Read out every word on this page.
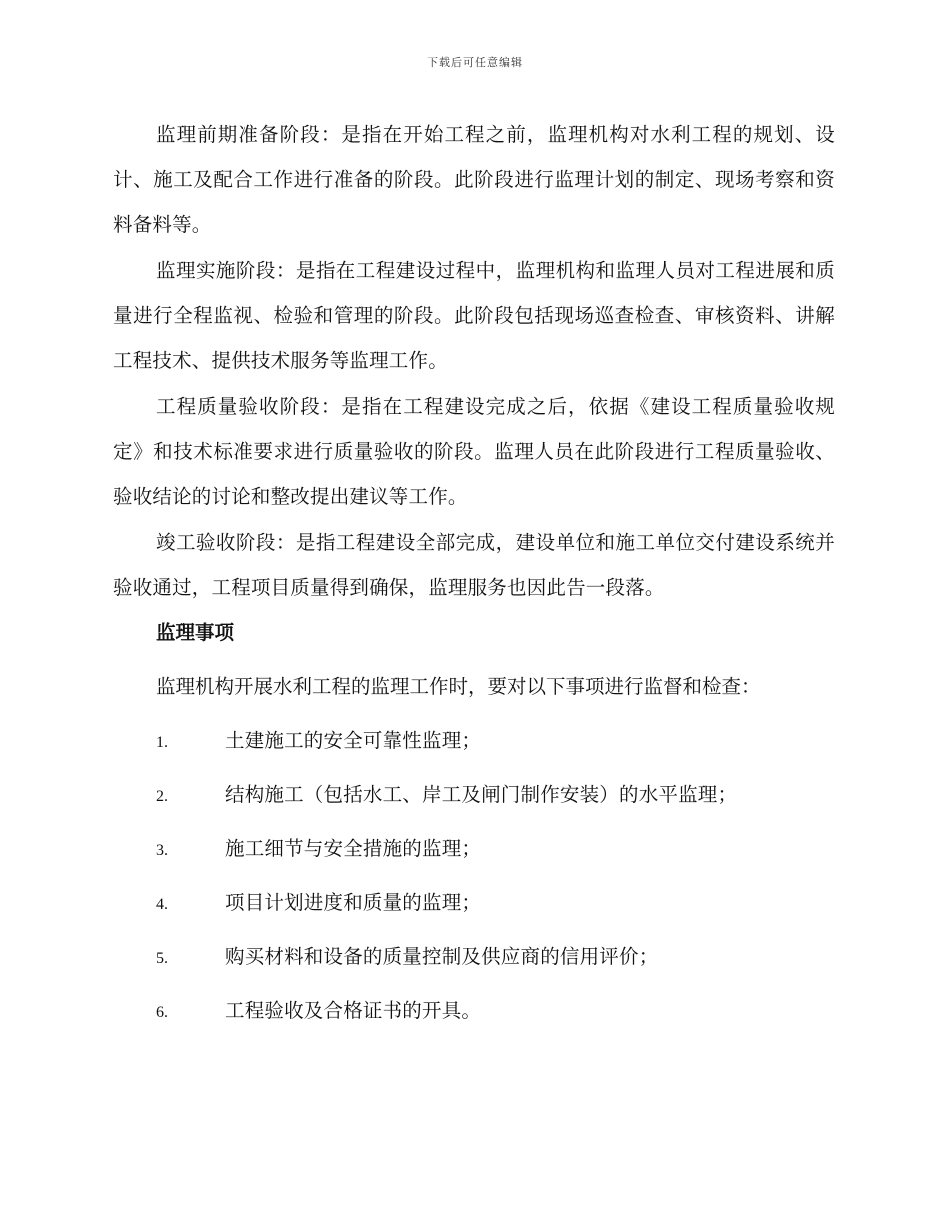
下载后可任意编辑

监理前期准备阶段：是指在开始工程之前，监理机构对水利工程的规划、设计、施工及配合工作进行准备的阶段。此阶段进行监理计划的制定、现场考察和资料备料等。

监理实施阶段：是指在工程建设过程中，监理机构和监理人员对工程进展和质量进行全程监视、检验和管理的阶段。此阶段包括现场巡查检查、审核资料、讲解工程技术、提供技术服务等监理工作。

工程质量验收阶段：是指在工程建设完成之后，依据《建设工程质量验收规定》和技术标准要求进行质量验收的阶段。监理人员在此阶段进行工程质量验收、验收结论的讨论和整改提出建议等工作。

竣工验收阶段：是指工程建设全部完成，建设单位和施工单位交付建设系统并验收通过，工程项目质量得到确保，监理服务也因此告一段落。

监理事项
监理机构开展水利工程的监理工作时，要对以下事项进行监督和检查：
1.	土建施工的安全可靠性监理；
2.	结构施工（包括水工、岸工及闸门制作安装）的水平监理；
3.	施工细节与安全措施的监理；
4.	项目计划进度和质量的监理；
5.	购买材料和设备的质量控制及供应商的信用评价；
6.	工程验收及合格证书的开具。
